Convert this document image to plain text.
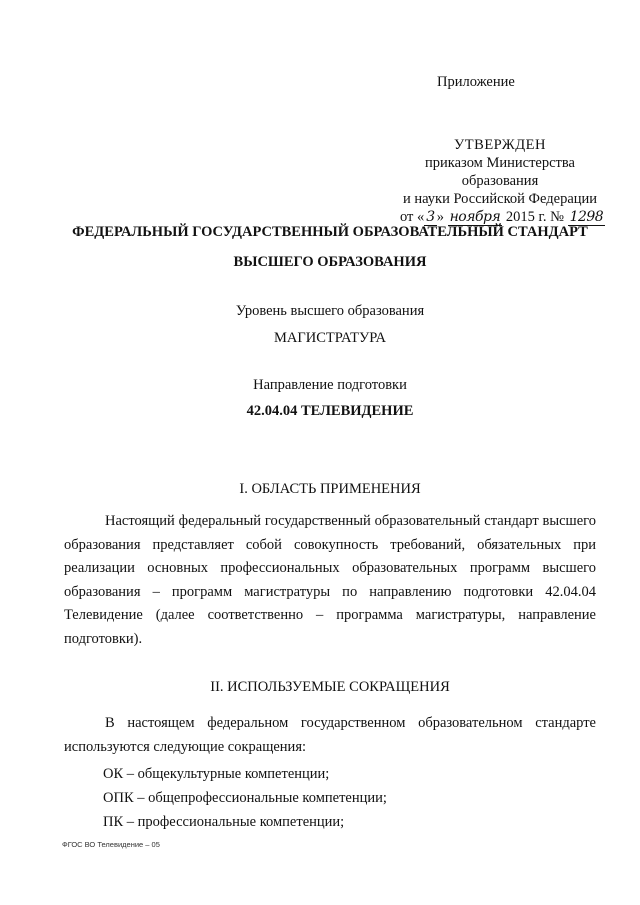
Приложение
УТВЕРЖДЕН
приказом Министерства образования
и науки Российской Федерации
от « 3 » ноября 2015 г. № 1298
ФЕДЕРАЛЬНЫЙ ГОСУДАРСТВЕННЫЙ ОБРАЗОВАТЕЛЬНЫЙ СТАНДАРТ
ВЫСШЕГО ОБРАЗОВАНИЯ
Уровень высшего образования
МАГИСТРАТУРА
Направление подготовки
42.04.04 ТЕЛЕВИДЕНИЕ
I. ОБЛАСТЬ ПРИМЕНЕНИЯ
Настоящий федеральный государственный образовательный стандарт высшего образования представляет собой совокупность требований, обязательных при реализации основных профессиональных образовательных программ высшего образования – программ магистратуры по направлению подготовки 42.04.04 Телевидение (далее соответственно – программа магистратуры, направление подготовки).
II. ИСПОЛЬЗУЕМЫЕ СОКРАЩЕНИЯ
В настоящем федеральном государственном образовательном стандарте используются следующие сокращения:
ОК – общекультурные компетенции;
ОПК – общепрофессиональные компетенции;
ПК – профессиональные компетенции;
ФГОС ВО Телевидение – 05
